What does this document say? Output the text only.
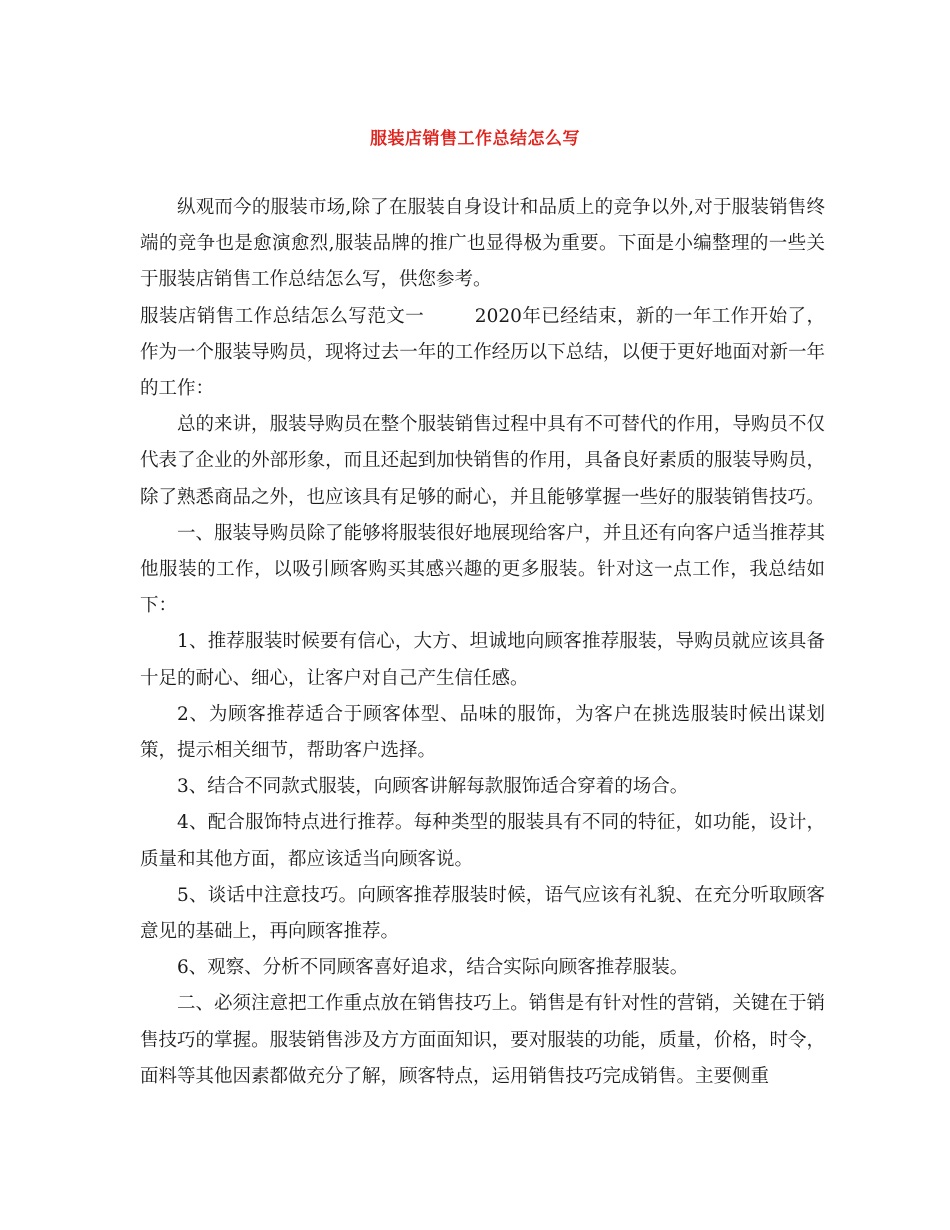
服装店销售工作总结怎么写

纵观而今的服装市场,除了在服装自身设计和品质上的竞争以外,对于服装销售终端的竞争也是愈演愈烈,服装品牌的推广也显得极为重要。下面是小编整理的一些关于服装店销售工作总结怎么写，供您参考。

服装店销售工作总结怎么写范文一	2020年已经结束，新的一年工作开始了，作为一个服装导购员，现将过去一年的工作经历以下总结，以便于更好地面对新一年的工作：

总的来讲，服装导购员在整个服装销售过程中具有不可替代的作用，导购员不仅代表了企业的外部形象，而且还起到加快销售的作用，具备良好素质的服装导购员，除了熟悉商品之外，也应该具有足够的耐心，并且能够掌握一些好的服装销售技巧。

一、服装导购员除了能够将服装很好地展现给客户，并且还有向客户适当推荐其他服装的工作，以吸引顾客购买其感兴趣的更多服装。针对这一点工作，我总结如下：

1、推荐服装时候要有信心，大方、坦诚地向顾客推荐服装，导购员就应该具备十足的耐心、细心，让客户对自己产生信任感。

2、为顾客推荐适合于顾客体型、品味的服饰，为客户在挑选服装时候出谋划策，提示相关细节，帮助客户选择。

3、结合不同款式服装，向顾客讲解每款服饰适合穿着的场合。

4、配合服饰特点进行推荐。每种类型的服装具有不同的特征，如功能，设计，质量和其他方面，都应该适当向顾客说。

5、谈话中注意技巧。向顾客推荐服装时候，语气应该有礼貌、在充分听取顾客意见的基础上，再向顾客推荐。

6、观察、分析不同顾客喜好追求，结合实际向顾客推荐服装。

二、必须注意把工作重点放在销售技巧上。销售是有针对性的营销，关键在于销售技巧的掌握。服装销售涉及方方面面知识，要对服装的功能，质量，价格，时令，面料等其他因素都做充分了解，顾客特点，运用销售技巧完成销售。主要侧重
